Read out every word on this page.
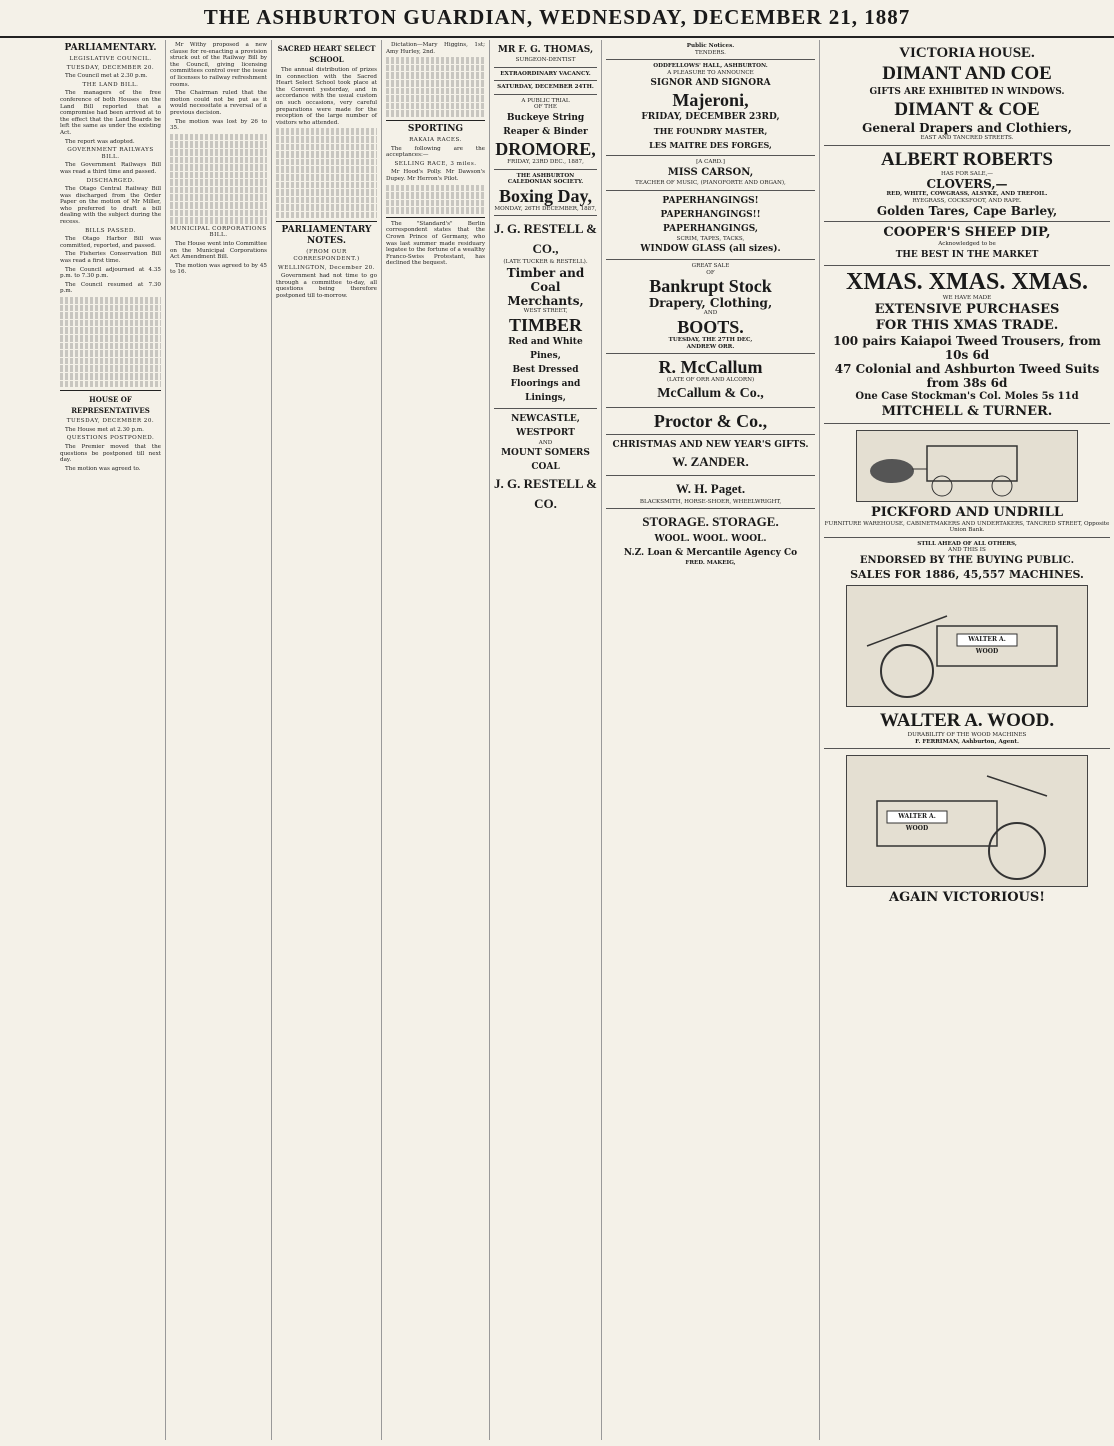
THE ASHBURTON GUARDIAN, WEDNESDAY, DECEMBER 21, 1887
PARLIAMENTARY.
LEGISLATIVE COUNCIL.
TUESDAY, DECEMBER 20.

The Council met at 2.30 p.m.

THE LAND BILL.

The managers of the free conference of both Houses on the Land Bill reported that a compromise had been arrived at to the effect that the Land Boards be left the same as under the existing Act.

The report was adopted.

GOVERNMENT RAILWAYS BILL.

The Government Railways Bill was read a third time and passed.

DISCHARGED.

The Otago Central Railway Bill was discharged from the Order Paper on the motion of Mr Miller, who preferred to draft a bill dealing with the subject during the recess.

BILLS PASSED.

The Otago Harbor Bill was committed, reported, and passed.

The Fisheries Conservation Bill was read a first time.

The Council adjourned at 4.35 p.m. to 7.30 p.m.

The Council resumed at 7.30 p.m.

HOUSE OF REPRESENTATIVES
TUESDAY, DECEMBER 20.

The House met at 2.30 p.m.

QUESTIONS POSTPONED.

The Premier moved that the questions be postponed till next day.

The motion was agreed to.

Mr Withy proposed a new clause for re-enacting a provision struck out of the Railway Bill by the Council, giving licensing committees control over the issue of licenses to railway refreshment rooms.

The Chairman ruled that the motion could not be put as it would necessitate a reversal of a previous decision.

The motion was lost by 26 to 35.

MUNICIPAL CORPORATIONS BILL.

The House went into Committee on the Municipal Corporations Act Amendment Bill.

The motion was agreed to by 45 to 16.

SACRED HEART SELECT SCHOOL

The annual distribution of prizes in connection with the Sacred Heart Select School took place at the Convent yesterday, and in accordance with the usual custom on such occasions, very careful preparations were made for the reception of the large number of visitors who attended.

PARLIAMENTARY NOTES.
(FROM OUR CORRESPONDENT.)
WELLINGTON, December 20.

Government had not time to go through a committee to-day, all questions being therefore postponed till to-morrow.

Dictation—Mary Higgins, 1st; Amy Hurley, 2nd.

SPORTING
RAKAIA RACES.

The following are the acceptances:—

SELLING RACE, 3 miles.

Mr Hood's Polly. Mr Dawson's Dupey. Mr Herron's Pilot.

The "Standard's" Berlin correspondent states that the Crown Prince of Germany, who was last summer made residuary legatee to the fortune of a wealthy Franco-Swiss Protestant, has declined the bequest.

MR F. G. THOMAS,
SURGEON-DENTIST
EXTRAORDINARY VACANCY.
SATURDAY, DECEMBER 24TH.
A PUBLIC TRIAL
OF THE
Buckeye String Reaper & Binder
DROMORE,
FRIDAY, 23RD DEC., 1887,
THE ASHBURTON CALEDONIAN SOCIETY.
Boxing Day,
MONDAY, 26TH DECEMBER, 1887,
J. G. RESTELL & CO.,
(LATE TUCKER & RESTELL).
Timber and Coal Merchants,
WEST STREET,
TIMBER
Red and White Pines,
Best Dressed Floorings and Linings,
NEWCASTLE, WESTPORT
AND
MOUNT SOMERS COAL
J. G. RESTELL & CO.
Public Notices.
TENDERS.
ODDFELLOWS' HALL, ASHBURTON.
A PLEASURE TO ANNOUNCE
SIGNOR AND SIGNORA
Majeroni,
FRIDAY, DECEMBER 23RD,
THE FOUNDRY MASTER,
LES MAITRE DES FORGES,
[A CARD.]
MISS CARSON,
TEACHER OF MUSIC, (PIANOFORTE AND ORGAN),
PAPERHANGINGS!
PAPERHANGINGS!!
PAPERHANGINGS,
SCRIM, TAPES, TACKS,
WINDOW GLASS (all sizes).
GREAT SALE
OF
Bankrupt Stock
Drapery, Clothing,
AND
BOOTS.
TUESDAY, THE 27TH DEC,
ANDREW ORR.
R. McCallum
(LATE OF ORR AND ALCORN)
McCallum & Co.,
Proctor & Co.,
CHRISTMAS AND NEW YEAR'S GIFTS.
W. ZANDER.
W. H. Paget.
BLACKSMITH, HORSE-SHOER, WHEELWRIGHT,
STORAGE. STORAGE.
WOOL. WOOL. WOOL.
N.Z. Loan & Mercantile Agency Co
FRED. MAKEIG,
VICTORIA HOUSE.
DIMANT AND COE
GIFTS ARE EXHIBITED IN WINDOWS.
DIMANT & COE
General Drapers and Clothiers,
EAST AND TANCRED STREETS.
ALBERT ROBERTS
HAS FOR SALE,—
CLOVERS,—
RED, WHITE, COWGRASS, ALSYKE, AND TREFOIL.
RYEGRASS, COCKSFOOT, AND RAPE.
Golden Tares, Cape Barley,
COOPER'S SHEEP DIP,
Acknowledged to be
THE BEST IN THE MARKET
XMAS. XMAS. XMAS.
WE HAVE MADE
EXTENSIVE PURCHASES
FOR THIS XMAS TRADE.
100 pairs Kaiapoi Tweed Trousers, from 10s 6d
47 Colonial and Ashburton Tweed Suits from 38s 6d
One Case Stockman's Col. Moles 5s 11d
MITCHELL & TURNER.
PICKFORD AND UNDRILL
FURNITURE WAREHOUSE, CABINETMAKERS AND UNDERTAKERS, TANCRED STREET, Opposite Union Bank.
STILL AHEAD OF ALL OTHERS,
AND THIS IS
ENDORSED BY THE BUYING PUBLIC.
SALES FOR 1886, 45,557 MACHINES.
WALTER A. WOOD
WALTER A. WOOD.
DURABILITY OF THE WOOD MACHINES
F. FERRIMAN, Ashburton, Agent.
WALTER A. WOOD
AGAIN VICTORIOUS!
